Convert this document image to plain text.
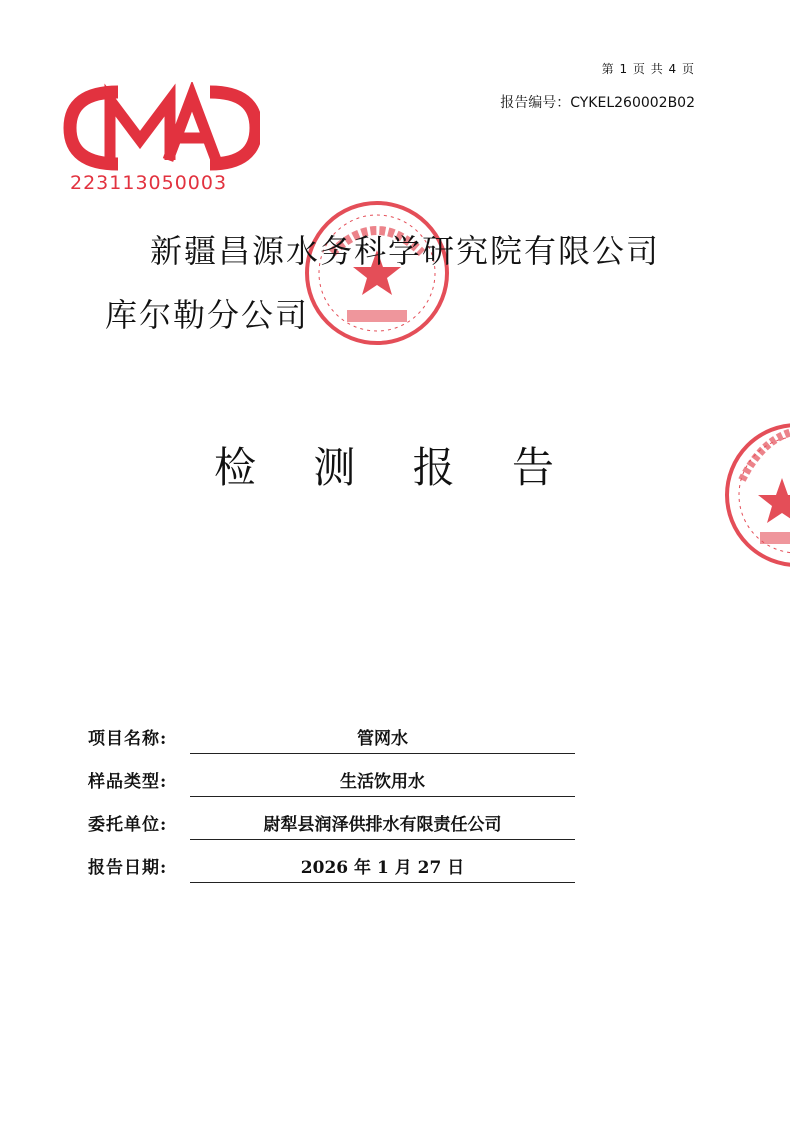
第 1 页 共 4 页
报告编号：CYKEL260002B02
223113050003
新疆昌源水务科学研究院有限公司
库尔勒分公司
检 测 报 告
项目名称:	管网水
样品类型:	生活饮用水
委托单位:	尉犁县润泽供排水有限责任公司
报告日期:	2026 年 1 月 27 日
